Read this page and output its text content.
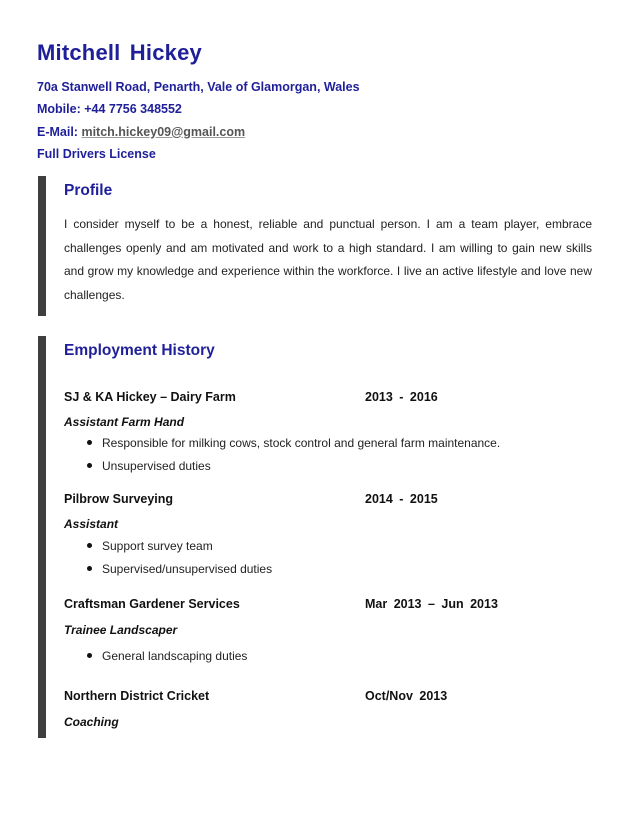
Mitchell Hickey
70a Stanwell Road, Penarth, Vale of Glamorgan, Wales
Mobile: +44 7756 348552
E-Mail: mitch.hickey09@gmail.com
Full Drivers License
Profile

I consider myself to be a honest, reliable and punctual person. I am a team player, embrace challenges openly and am motivated and work to a high standard. I am willing to gain new skills and grow my knowledge and experience within the workforce. I live an active lifestyle and love new challenges.

Employment History
SJ & KA Hickey – Dairy Farm	2013 - 2016
Assistant Farm Hand
Responsible for milking cows, stock control and general farm maintenance.
Unsupervised duties
Pilbrow Surveying	2014 - 2015
Assistant
Support survey team
Supervised/unsupervised duties
Craftsman Gardener Services	Mar 2013 – Jun 2013
Trainee Landscaper
General landscaping duties
Northern District Cricket	Oct/Nov 2013
Coaching
